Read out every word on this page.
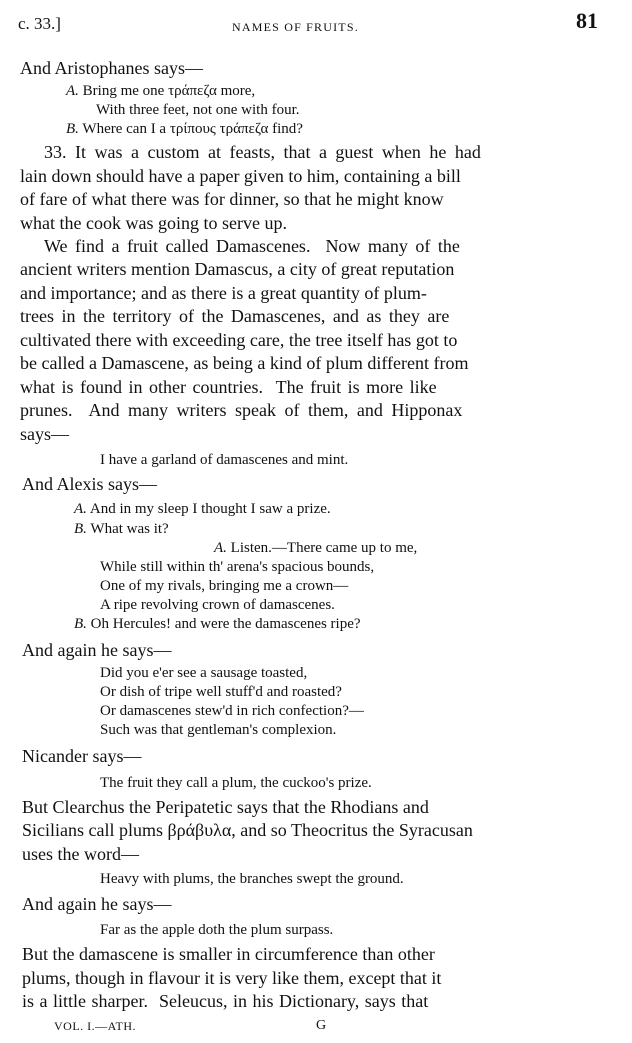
c. 33.]	NAMES OF FRUITS.	81
And Aristophanes says—
A. Bring me one τράπεζα more,
With three feet, not one with four.
B. Where can I a τρίπους τράπεζα find?
33. It was a custom at feasts, that a guest when he had
lain down should have a paper given to him, containing a bill
of fare of what there was for dinner, so that he might know
what the cook was going to serve up.
We find a fruit called Damascenes.  Now many of the
ancient writers mention Damascus, a city of great reputation
and importance; and as there is a great quantity of plum-
trees in the territory of the Damascenes, and as they are
cultivated there with exceeding care, the tree itself has got to
be called a Damascene, as being a kind of plum different from
what is found in other countries.  The fruit is more like
prunes.  And many writers speak of them, and Hipponax
says—
I have a garland of damascenes and mint.
And Alexis says—
A. And in my sleep I thought I saw a prize.
B. What was it?
A. Listen.—There came up to me,
While still within th' arena's spacious bounds,
One of my rivals, bringing me a crown—
A ripe revolving crown of damascenes.
B. Oh Hercules! and were the damascenes ripe?
And again he says—
Did you e'er see a sausage toasted,
Or dish of tripe well stuff'd and roasted?
Or damascenes stew'd in rich confection?—
Such was that gentleman's complexion.
Nicander says—
The fruit they call a plum, the cuckoo's prize.
But Clearchus the Peripatetic says that the Rhodians and
Sicilians call plums βράβυλα, and so Theocritus the Syracusan
uses the word—
Heavy with plums, the branches swept the ground.
And again he says—
Far as the apple doth the plum surpass.
But the damascene is smaller in circumference than other
plums, though in flavour it is very like them, except that it
is a little sharper.  Seleucus, in his Dictionary, says that
VOL. I.—ATH.	G
